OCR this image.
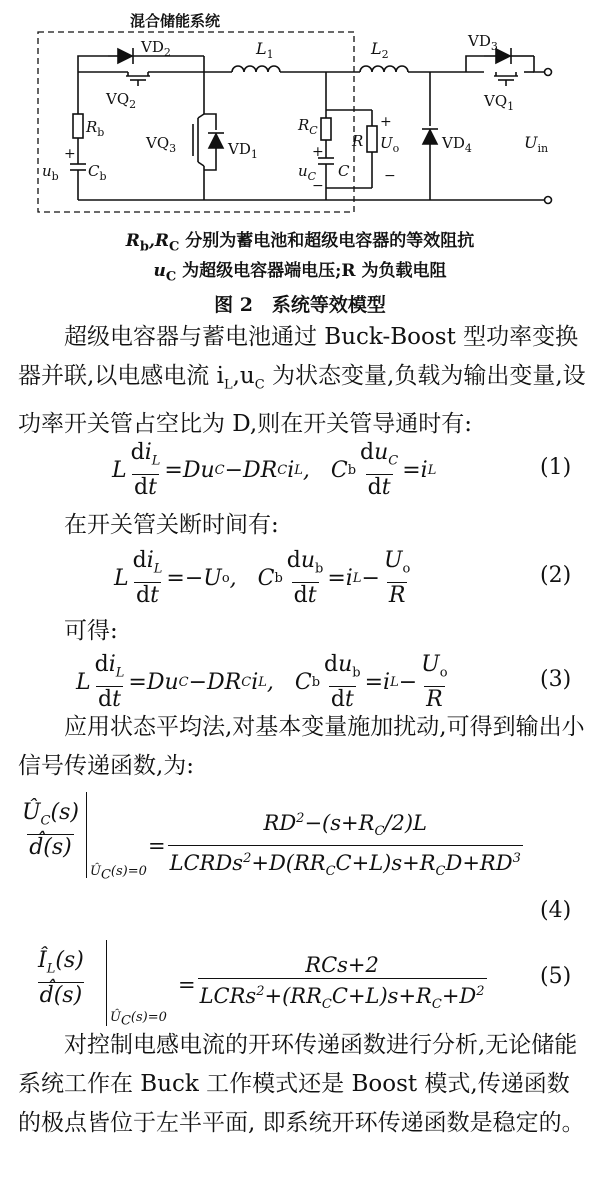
混合储能系统
$VD_2$
$VQ_2$
$L_1$	$L_2$
$VD_3$
$VQ_1$
$R_b$
+
$u_b$ $C_b$
$VQ_3$	$VD_1$
$R_C$
R
+
$U_o$
−
+
$u_C$
−
C
$VD_4$	$U_{in}$
$R_b,R_C$ 分别为蓄电池和超级电容器的等效阻抗
$u_C$ 为超级电容器端电压;R 为负载电阻
图 2　系统等效模型

超级电容器与蓄电池通过 Buck-Boost 型功率变换器并联,以电感电流 $i_L,u_C$ 为状态变量,负载为输出变量,设功率开关管占空比为 D,则在开关管导通时有:

L $\frac{di_L}{dt} =Du$ C −DR C i L ,   C b $\frac{du_C}{dt} =i$ L	(1)

在开关管关断时间有:

L $\frac{di_L}{dt} =-U$ o ,   C b $\frac{du_b}{dt} =i$ $L - \frac{U_o}{R}$	(2)

可得:

L $\frac{di_L}{dt} =Du$ C −DR C i L ,   C b $\frac{du_b}{dt} =i$ $L - \frac{U_o}{R}$	(3)

应用状态平均法,对基本变量施加扰动,可得到输出小信号传递函数,为:

$\frac{Û_C(s)}{d̂(s)}$
$Û_C(s)=0$
= $\frac{RD^2-(s+R_C/2)L}{LCRDs^2+D(RR_CC+L)s+R_CD+RD^3}$
(4)
$\frac{Î_L(s)}{d̂(s)}$
$Û_C(s)=0$
= $\frac{\text{RCs+2}}{LCRs^2+(RR_CC+L)s+R_C+D^2} (5)$

对控制电感电流的开环传递函数进行分析,无论储能系统工作在 Buck 工作模式还是 Boost 模式,传递函数的极点皆位于左半平面, 即系统开环传递函数是稳定的。
